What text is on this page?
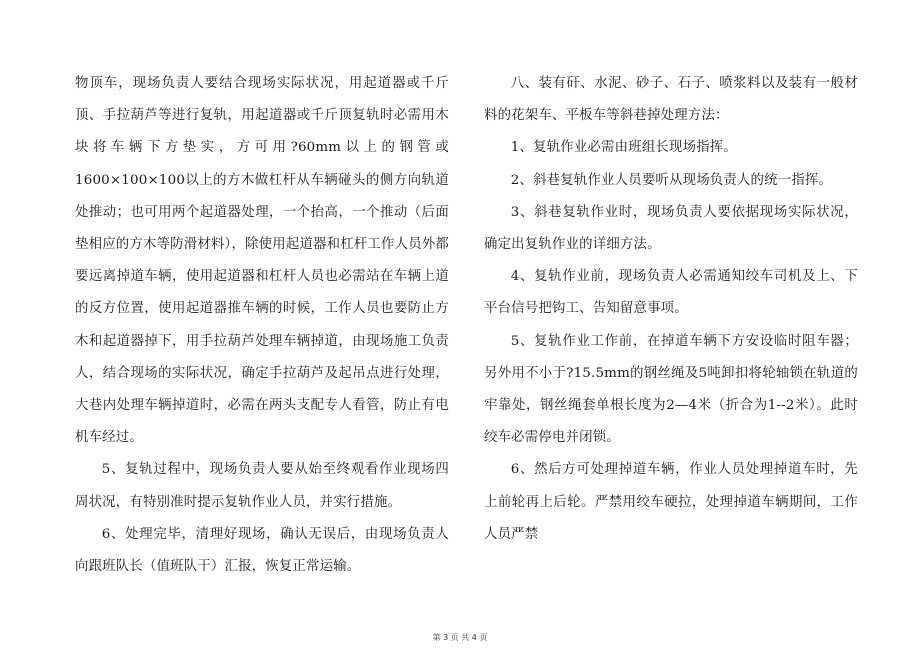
物顶车，现场负责人要结合现场实际状况，用起道器或千斤顶、手拉葫芦等进行复轨，用起道器或千斤顶复轨时必需用木块将车辆下方垫实，方可用?60mm以上的钢管或1600×100×100以上的方木做杠杆从车辆碰头的侧方向轨道处推动；也可用两个起道器处理，一个抬高，一个推动（后面垫相应的方木等防滑材料），除使用起道器和杠杆工作人员外都要远离掉道车辆，使用起道器和杠杆人员也必需站在车辆上道的反方位置，使用起道器推车辆的时候，工作人员也要防止方木和起道器掉下，用手拉葫芦处理车辆掉道，由现场施工负责人，结合现场的实际状况，确定手拉葫芦及起吊点进行处理，大巷内处理车辆掉道时，必需在两头支配专人看管，防止有电机车经过。

5、复轨过程中，现场负责人要从始至终观看作业现场四周状况，有特别准时提示复轨作业人员，并实行措施。

6、处理完毕，清理好现场，确认无误后，由现场负责人向跟班队长（值班队干）汇报，恢复正常运输。

八、装有矸、水泥、砂子、石子、喷浆料以及装有一般材料的花架车、平板车等斜巷掉处理方法：

1、复轨作业必需由班组长现场指挥。

2、斜巷复轨作业人员要听从现场负责人的统一指挥。

3、斜巷复轨作业时，现场负责人要依据现场实际状况，确定出复轨作业的详细方法。

4、复轨作业前，现场负责人必需通知绞车司机及上、下平台信号把钩工、告知留意事项。

5、复轨作业工作前，在掉道车辆下方安设临时阻车器；另外用不小于?15.5mm的钢丝绳及5吨卸扣将轮轴锁在轨道的牢靠处，钢丝绳套单根长度为2—4米（折合为1--2米）。此时绞车必需停电并闭锁。

6、然后方可处理掉道车辆，作业人员处理掉道车时，先上前轮再上后轮。严禁用绞车硬拉，处理掉道车辆期间，工作人员严禁

第 3 页 共 4 页
